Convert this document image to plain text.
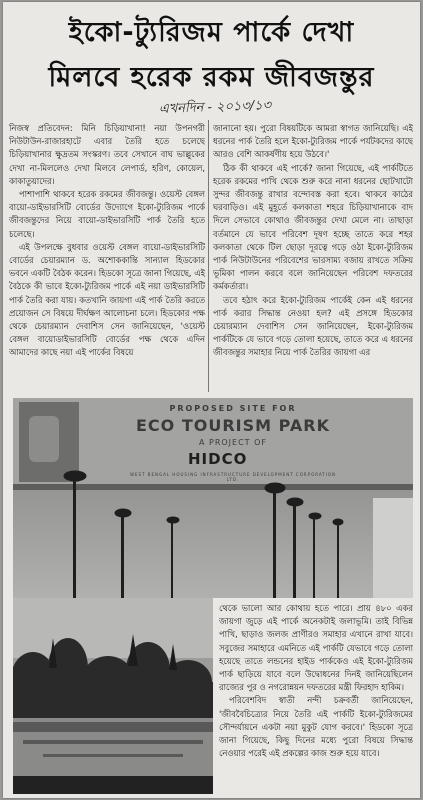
ইকো-ট্যুরিজম পার্কে দেখা
মিলবে হরেক রকম জীবজন্তুর
এখনদিন - ২০১৩/১৩

নিজস্ব প্রতিবেদন: মিনি চিড়িয়াখানা! নয়া উপনগরী নিউটাউন-রাজারহাটে এবার তৈরি হতে চলেছে চিড়িয়াখানার ক্ষুদ্রতম সংস্করণ। তবে সেখানে বাঘ ভাল্লুকের দেখা না-মিললেও দেখা মিলবে লেপার্ড, হরিণ, কোয়েল, কাকাতুয়াদের।

পাশাপাশি থাকবে হরেক রকমের জীবজন্তু। ওয়েস্ট বেঙ্গল বায়ো-ডাইভারসিটি বোর্ডের উদ্যোগে ইকো-ট্যুরিজম পার্কে জীবজন্তুদের নিয়ে বায়ো-ডাইভারসিটি পার্ক তৈরি হতে চলেছে।

এই উপলক্ষে বুধবার ওয়েস্ট বেঙ্গল বায়ো-ডাইভারসিটি বোর্ডের চেয়ারম্যান ড. অশোককান্তি সান্যাল হিডকোর ভবনে একটি বৈঠক করেন। হিডকো সূত্রে জানা গিয়েছে, এই বৈঠকে কী ভাবে ইকো-ট্যুরিজম পার্কে এই নয়া ডাইভারসিটি পার্ক তৈরি করা যায়। কতখানি জায়গা এই পার্ক তৈরি করতে প্রয়োজন সে বিষয়ে দীর্ঘক্ষণ আলোচনা চলে। হিডকোর পক্ষ থেকে চেয়ারম্যান দেবাশিস সেন জানিয়েছেন, 'ওয়েস্ট বেঙ্গল বায়োডাইভারসিটি বোর্ডের পক্ষ থেকে এদিন আমাদের কাছে নয়া এই পার্কের বিষয়ে

জানানো হয়। পুরো বিষয়টিকে আমরা স্বাগত জানিয়েছি। এই ধরনের পার্ক তৈরি হলে ইকো-ট্যুরিজম পার্কে পর্যটকদের কাছে আরও বেশি আকর্ষণীয় হয়ে উঠবে।'

ঠিক কী থাকবে এই পার্কে? জানা গিয়েছে, এই পার্কটিতে হরেক রকমের পাখি থেকে শুরু করে নানা ধরনের ছোটখাটো সুন্দর জীবজন্তু রাখার বন্দোবস্ত করা হবে। থাকবে কাঠের ঘরবাড়িও। এই মুহূর্তে কলকাতা শহরে চিড়িয়াখানাকে বাদ দিলে সেভাবে কোথাও জীবজন্তুর দেখা মেলে না। তাছাড়া বর্তমানে যে ভাবে পরিবেশ দূষণ হচ্ছে তাতে করে শহর কলকাতা থেকে টিল ছোড়া দূরত্বে গড়ে ওঠা ইকো-ট্যুরিজম পার্ক নিউটাউনের পরিবেশের ভারসাম্য বজায় রাখতে সক্রিয় ভূমিকা পালন করবে বলে জানিয়েছেন পরিবেশ দফতরের কর্মকর্তারা।

তবে হঠাৎ করে ইকো-ট্যুরিজম পার্কেই কেন এই ধরনের পার্ক করার সিদ্ধান্ত নেওয়া হল? এই প্রসঙ্গে হিডকোর চেয়ারম্যান দেবাশিস সেন জানিয়েছেন, ইকো-ট্যুরিজম পার্কটিকে যে ভাবে গড়ে তোলা হয়েছে, তাতে করে এ ধরনের জীবজন্তুর সমাহার নিয়ে পার্ক তৈরির জায়গা এর

PROPOSED SITE FOR
ECO TOURISM PARK
A PROJECT OF
HIDCO
WEST BENGAL HOUSING INFRASTRUCTURE DEVELOPMENT CORPORATION LTD.

থেকে ভালো আর কোথায় হতে পারে। প্রায় ৪৮০ একর জায়গা জুড়ে এই পার্কে অনেকটাই জলাভূমি। তাই বিভিন্ন পাখি, ছাড়াও জলজ প্রাণীরও সমাহার এখানে রাখা যাবে। সবুজের সমাহারে এমনিতে এই পার্কটি যেভাবে গড়ে তোলা হয়েছে তাতে লন্ডনের হাইড পার্ককেও এই ইকো-ট্যুরিজম পার্ক ছাড়িয়ে যাবে বলে উদ্বোধনের দিনই জানিয়েছিলেন রাজ্যের পুর ও নগরোন্নয়ন দফতরের মন্ত্রী ফিরহাদ হাকিম।

পরিবেশবিদ স্বাতী নন্দী চক্রবর্তী জানিয়েছেন, 'জীববৈচিত্র্যের নিয়ে তৈরি এই পার্কটি ইকো-ট্যুরিজমের সৌন্দর্যায়নে একটা নয়া মুকুট যোগ করবে।' হিডকো সূত্রে জানা গিয়েছে, কিছু দিনের মধ্যে পুরো বিষয়ে সিদ্ধান্ত নেওয়ার পরেই এই প্রকল্পের কাজ শুরু হয়ে যাবে।
